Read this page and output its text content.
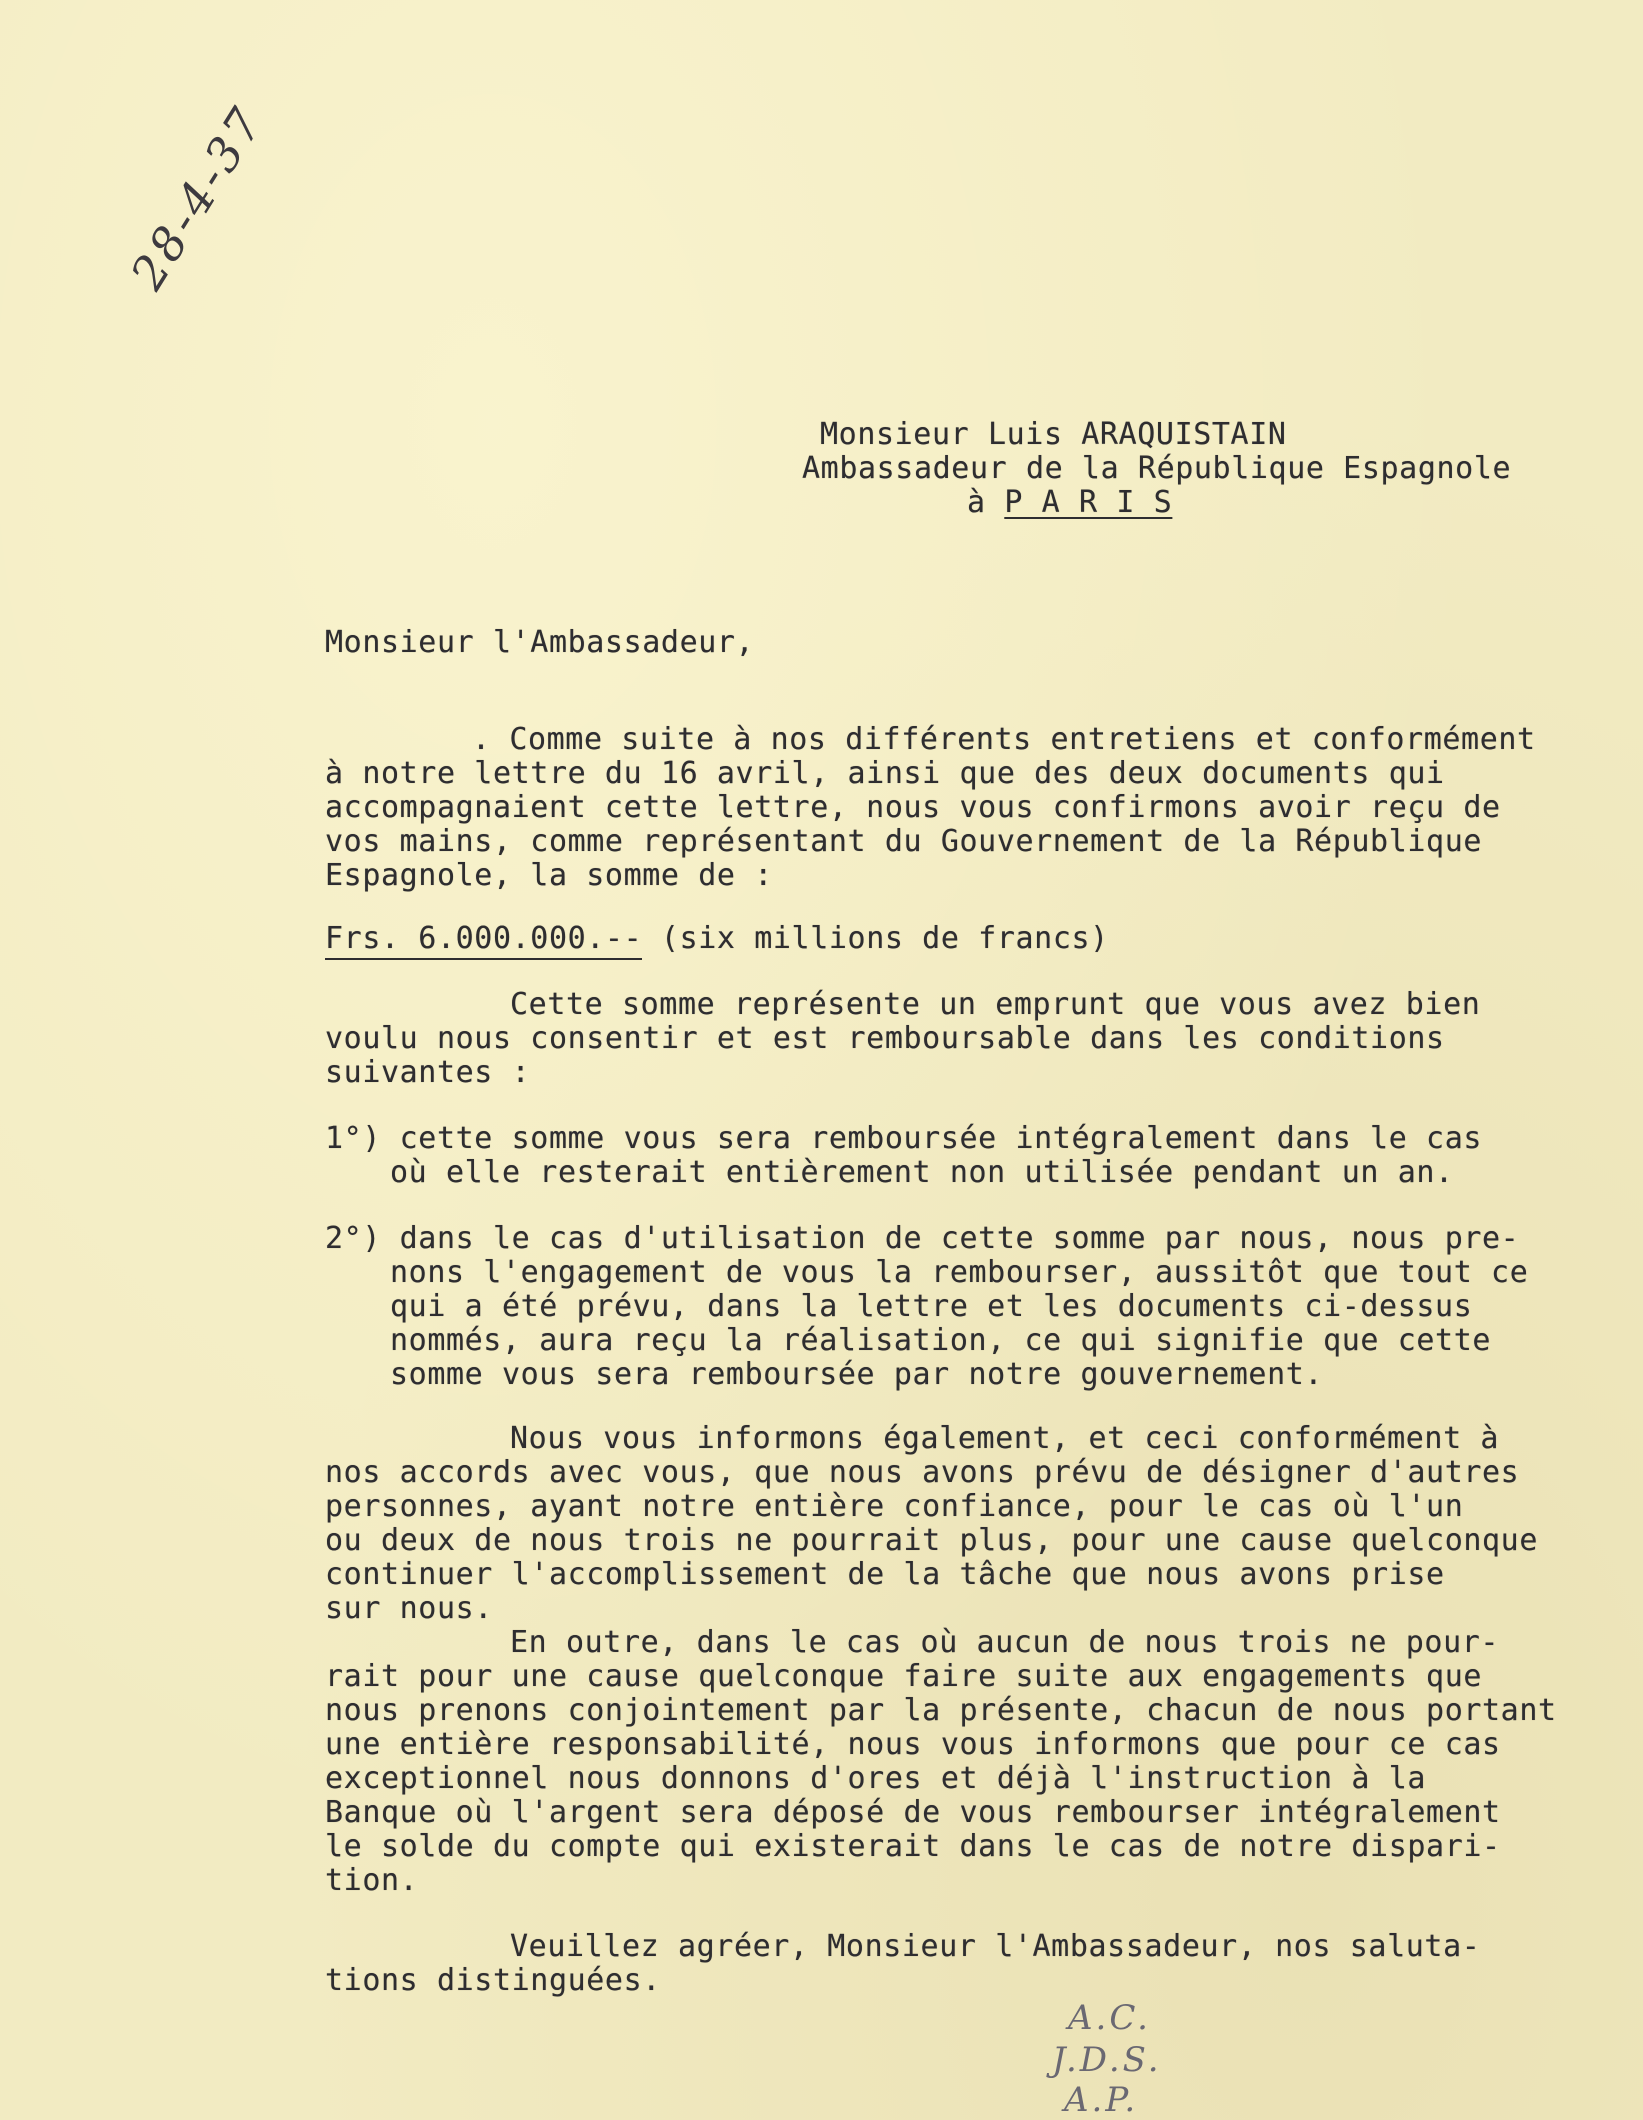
28-4-37
Monsieur Luis ARAQUISTAIN
Ambassadeur de la République Espagnole
à P A R I S
Monsieur l'Ambassadeur,
. Comme suite à nos différents entretiens et conformément
à notre lettre du 16 avril, ainsi que des deux documents qui
accompagnaient cette lettre, nous vous confirmons avoir reçu de
vos mains, comme représentant du Gouvernement de la République
Espagnole, la somme de :
Frs. 6.000.000.-- (six millions de francs)
Cette somme représente un emprunt que vous avez bien
voulu nous consentir et est remboursable dans les conditions
suivantes :
1°) cette somme vous sera remboursée intégralement dans le cas
où elle resterait entièrement non utilisée pendant un an.
2°) dans le cas d'utilisation de cette somme par nous, nous pre-
nons l'engagement de vous la rembourser, aussitôt que tout ce
qui a été prévu, dans la lettre et les documents ci-dessus
nommés, aura reçu la réalisation, ce qui signifie que cette
somme vous sera remboursée par notre gouvernement.
Nous vous informons également, et ceci conformément à
nos accords avec vous, que nous avons prévu de désigner d'autres
personnes, ayant notre entière confiance, pour le cas où l'un
ou deux de nous trois ne pourrait plus, pour une cause quelconque
continuer l'accomplissement de la tâche que nous avons prise
sur nous.
En outre, dans le cas où aucun de nous trois ne pour-
rait pour une cause quelconque faire suite aux engagements que
nous prenons conjointement par la présente, chacun de nous portant
une entière responsabilité, nous vous informons que pour ce cas
exceptionnel nous donnons d'ores et déjà l'instruction à la
Banque où l'argent sera déposé de vous rembourser intégralement
le solde du compte qui existerait dans le cas de notre dispari-
tion.
Veuillez agréer, Monsieur l'Ambassadeur, nos saluta-
tions distinguées.
A.C.
J.D.S.
A.P.
